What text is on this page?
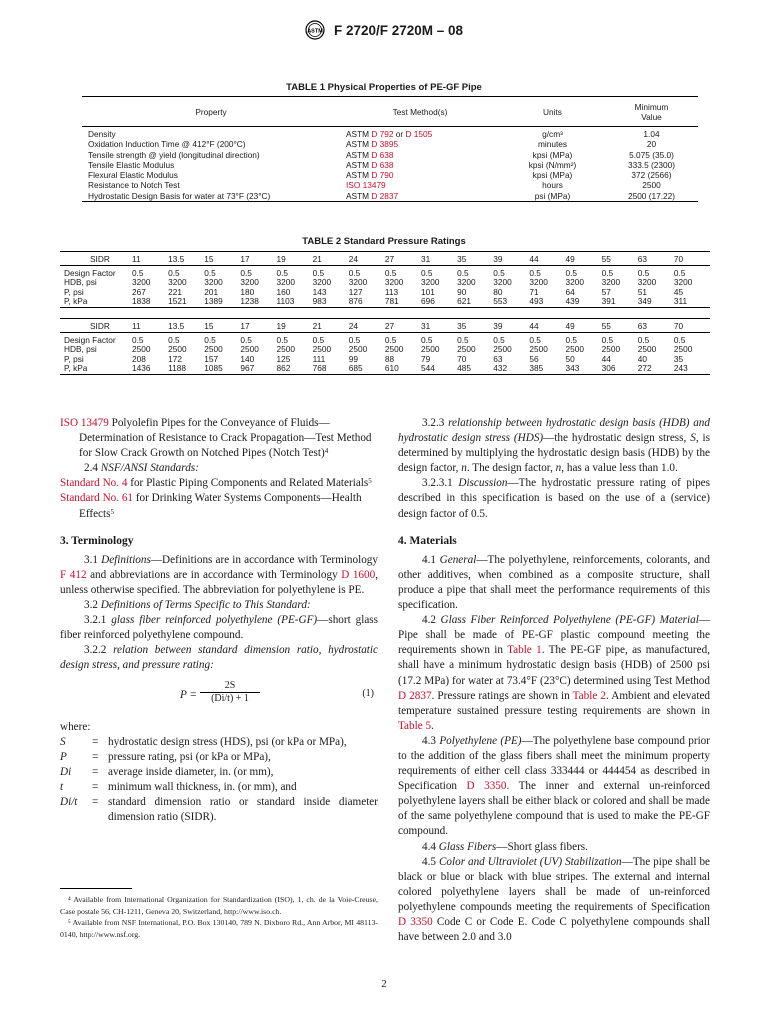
ASTM F 2720/F 2720M – 08
TABLE 1 Physical Properties of PE-GF Pipe
Property	Test Method(s)	Units	Minimum
Value
Density	ASTM D 792 or D 1505	g/cm³	1.04
Oxidation Induction Time @ 412°F (200°C)	ASTM D 3895	minutes	20
Tensile strength @ yield (longitudinal direction)	ASTM D 638	kpsi (MPa)	5.075 (35.0)
Tensile Elastic Modulus	ASTM D 638	kpsi (N/mm²)	333.5 (2300)
Flexural Elastic Modulus	ASTM D 790	kpsi (MPa)	372 (2566)
Resistance to Notch Test	ISO 13479	hours	2500
Hydrostatic Design Basis for water at 73°F (23°C)	ASTM D 2837	psi (MPa)	2500 (17.22)
TABLE 2 Standard Pressure Ratings
SIDR	11	13.5	15	17	19	21	24	27	31	35	39	44	49	55	63	70
Design Factor	0.5	0.5	0.5	0.5	0.5	0.5	0.5	0.5	0.5	0.5	0.5	0.5	0.5	0.5	0.5	0.5
HDB, psi	3200	3200	3200	3200	3200	3200	3200	3200	3200	3200	3200	3200	3200	3200	3200	3200
P, psi	267	221	201	180	160	143	127	113	101	90	80	71	64	57	51	45
P, kPa	1838	1521	1389	1238	1103	983	876	781	696	621	553	493	439	391	349	311
SIDR	11	13.5	15	17	19	21	24	27	31	35	39	44	49	55	63	70
Design Factor	0.5	0.5	0.5	0.5	0.5	0.5	0.5	0.5	0.5	0.5	0.5	0.5	0.5	0.5	0.5	0.5
HDB, psi	2500	2500	2500	2500	2500	2500	2500	2500	2500	2500	2500	2500	2500	2500	2500	2500
P, psi	208	172	157	140	125	111	99	88	79	70	63	56	50	44	40	35
P, kPa	1436	1188	1085	967	862	768	685	610	544	485	432	385	343	306	272	243

ISO 13479 Polyolefin Pipes for the Conveyance of Fluids—Determination of Resistance to Crack Propagation—Test Method for Slow Crack Growth on Notched Pipes (Notch Test)$^4$

2.4 NSF/ANSI Standards:

Standard No. 4 for Plastic Piping Components and Related Materials$^5$

Standard No. 61 for Drinking Water Systems Components—Health Effects$^5$

3. Terminology

3.1 Definitions—Definitions are in accordance with Terminology F 412 and abbreviations are in accordance with Terminology D 1600, unless otherwise specified. The abbreviation for polyethylene is PE.

3.2 Definitions of Terms Specific to This Standard:

3.2.1 glass fiber reinforced polyethylene (PE-GF)—short glass fiber reinforced polyethylene compound.

3.2.2 relation between standard dimension ratio, hydrostatic design stress, and pressure rating:

$P = \frac{2S}{(Di/t) + 1}$	(1)

where:

S	= hydrostatic design stress (HDS), psi (or kPa or MPa),
P	= pressure rating, psi (or kPa or MPa),
Di	= average inside diameter, in. (or mm),
t	= minimum wall thickness, in. (or mm), and
Di/t	= standard dimension ratio or standard inside diameter dimension ratio (SIDR).

⁴ Available from International Organization for Standardization (ISO), 1, ch. de la Voie-Creuse, Case postale 56, CH-1211, Geneva 20, Switzerland, http://www.iso.ch.

⁵ Available from NSF International, P.O. Box 130140, 789 N. Dixboro Rd., Ann Arbor, MI 48113-0140, http://www.nsf.org.

3.2.3 relationship between hydrostatic design basis (HDB) and hydrostatic design stress (HDS)—the hydrostatic design stress, S, is determined by multiplying the hydrostatic design basis (HDB) by the design factor, n. The design factor, n, has a value less than 1.0.

3.2.3.1 Discussion—The hydrostatic pressure rating of pipes described in this specification is based on the use of a (service) design factor of 0.5.

4. Materials

4.1 General—The polyethylene, reinforcements, colorants, and other additives, when combined as a composite structure, shall produce a pipe that shall meet the performance requirements of this specification.

4.2 Glass Fiber Reinforced Polyethylene (PE-GF) Material—Pipe shall be made of PE-GF plastic compound meeting the requirements shown in Table 1. The PE-GF pipe, as manufactured, shall have a minimum hydrostatic design basis (HDB) of 2500 psi (17.2 MPa) for water at 73.4°F (23°C) determined using Test Method D 2837. Pressure ratings are shown in Table 2. Ambient and elevated temperature sustained pressure testing requirements are shown in Table 5.

4.3 Polyethylene (PE)—The polyethylene base compound prior to the addition of the glass fibers shall meet the minimum property requirements of either cell class 333444 or 444454 as described in Specification D 3350. The inner and external un-reinforced polyethylene layers shall be either black or colored and shall be made of the same polyethylene compound that is used to make the PE-GF compound.

4.4 Glass Fibers—Short glass fibers.

4.5 Color and Ultraviolet (UV) Stabilization—The pipe shall be black or blue or black with blue stripes. The external and internal colored polyethylene layers shall be made of un-reinforced polyethylene compounds meeting the requirements of Specification D 3350 Code C or Code E. Code C polyethylene compounds shall have between 2.0 and 3.0

2
